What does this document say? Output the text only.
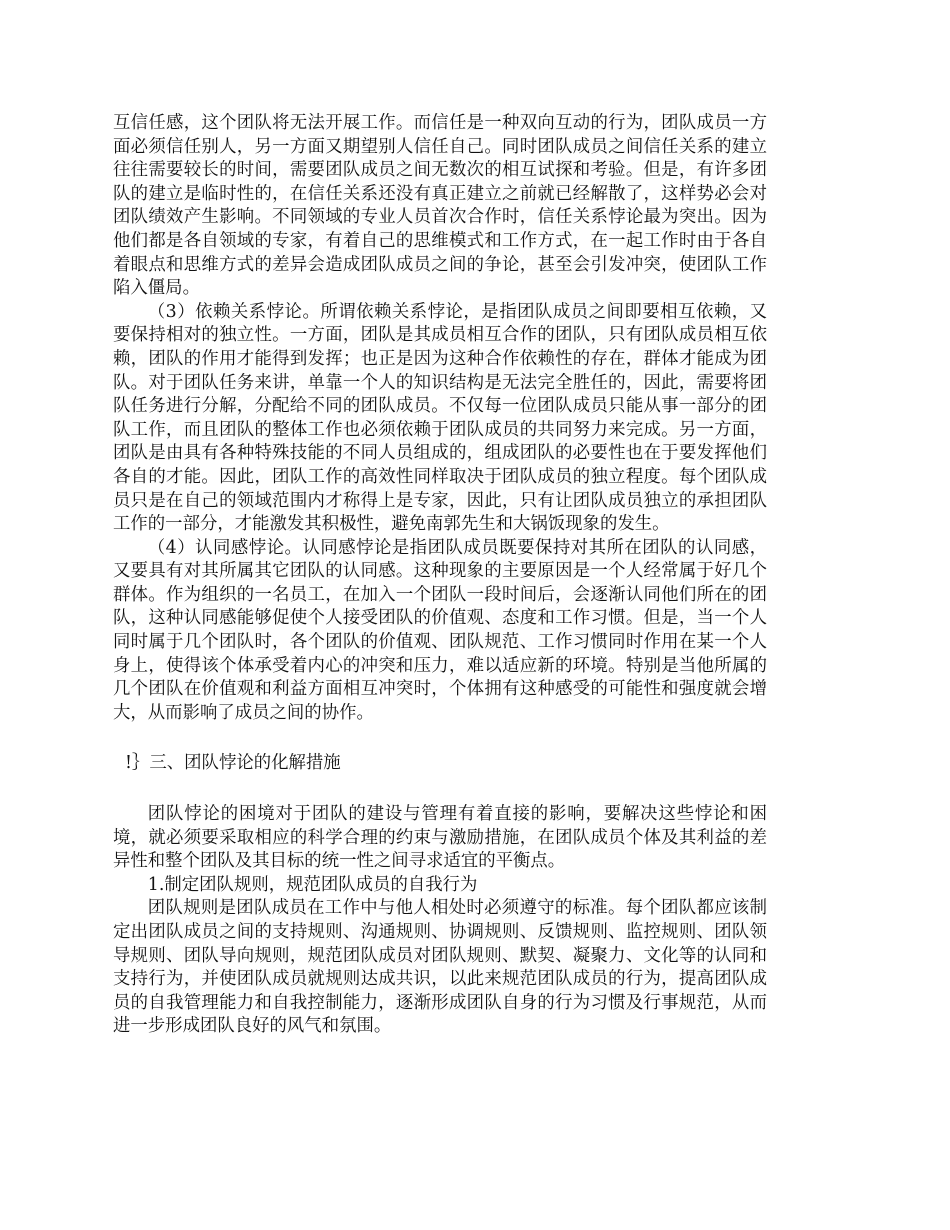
互信任感，这个团队将无法开展工作。而信任是一种双向互动的行为，团队成员一方面必须信任别人，另一方面又期望别人信任自己。同时团队成员之间信任关系的建立往往需要较长的时间，需要团队成员之间无数次的相互试探和考验。但是，有许多团队的建立是临时性的，在信任关系还没有真正建立之前就已经解散了，这样势必会对团队绩效产生影响。不同领域的专业人员首次合作时，信任关系悖论最为突出。因为他们都是各自领域的专家，有着自己的思维模式和工作方式，在一起工作时由于各自着眼点和思维方式的差异会造成团队成员之间的争论，甚至会引发冲突，使团队工作陷入僵局。

（3）依赖关系悖论。所谓依赖关系悖论，是指团队成员之间即要相互依赖，又要保持相对的独立性。一方面，团队是其成员相互合作的团队，只有团队成员相互依赖，团队的作用才能得到发挥；也正是因为这种合作依赖性的存在，群体才能成为团队。对于团队任务来讲，单靠一个人的知识结构是无法完全胜任的，因此，需要将团队任务进行分解，分配给不同的团队成员。不仅每一位团队成员只能从事一部分的团队工作，而且团队的整体工作也必须依赖于团队成员的共同努力来完成。另一方面，团队是由具有各种特殊技能的不同人员组成的，组成团队的必要性也在于要发挥他们各自的才能。因此，团队工作的高效性同样取决于团队成员的独立程度。每个团队成员只是在自己的领域范围内才称得上是专家，因此，只有让团队成员独立的承担团队工作的一部分，才能激发其积极性，避免南郭先生和大锅饭现象的发生。

（4）认同感悖论。认同感悖论是指团队成员既要保持对其所在团队的认同感，又要具有对其所属其它团队的认同感。这种现象的主要原因是一个人经常属于好几个群体。作为组织的一名员工，在加入一个团队一段时间后，会逐渐认同他们所在的团队，这种认同感能够促使个人接受团队的价值观、态度和工作习惯。但是，当一个人同时属于几个团队时，各个团队的价值观、团队规范、工作习惯同时作用在某一个人身上，使得该个体承受着内心的冲突和压力，难以适应新的环境。特别是当他所属的几个团队在价值观和利益方面相互冲突时，个体拥有这种感受的可能性和强度就会增大，从而影响了成员之间的协作。

!｝三、团队悖论的化解措施

团队悖论的困境对于团队的建设与管理有着直接的影响，要解决这些悖论和困境，就必须要采取相应的科学合理的约束与激励措施，在团队成员个体及其利益的差异性和整个团队及其目标的统一性之间寻求适宜的平衡点。

1.制定团队规则，规范团队成员的自我行为

团队规则是团队成员在工作中与他人相处时必须遵守的标准。每个团队都应该制定出团队成员之间的支持规则、沟通规则、协调规则、反馈规则、监控规则、团队领导规则、团队导向规则，规范团队成员对团队规则、默契、凝聚力、文化等的认同和支持行为，并使团队成员就规则达成共识，以此来规范团队成员的行为，提高团队成员的自我管理能力和自我控制能力，逐渐形成团队自身的行为习惯及行事规范，从而进一步形成团队良好的风气和氛围。
